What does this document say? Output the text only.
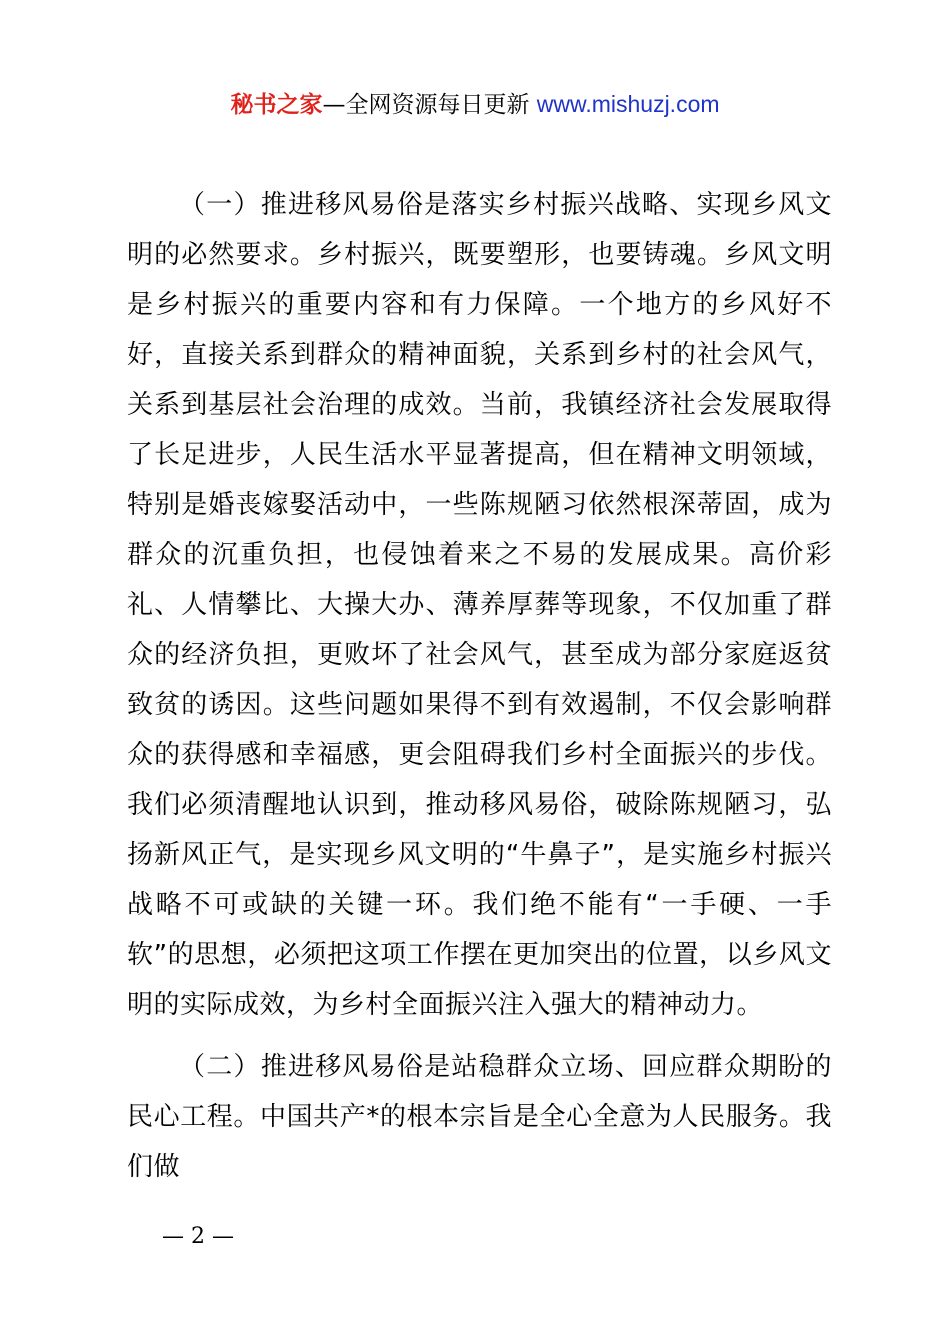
秘书之家—全网资源每日更新 www.mishuzj.com

（一）推进移风易俗是落实乡村振兴战略、实现乡风文明的必然要求。乡村振兴，既要塑形，也要铸魂。乡风文明是乡村振兴的重要内容和有力保障。一个地方的乡风好不好，直接关系到群众的精神面貌，关系到乡村的社会风气，关系到基层社会治理的成效。当前，我镇经济社会发展取得了长足进步，人民生活水平显著提高，但在精神文明领域，特别是婚丧嫁娶活动中，一些陈规陋习依然根深蒂固，成为群众的沉重负担，也侵蚀着来之不易的发展成果。高价彩礼、人情攀比、大操大办、薄养厚葬等现象，不仅加重了群众的经济负担，更败坏了社会风气，甚至成为部分家庭返贫致贫的诱因。这些问题如果得不到有效遏制，不仅会影响群众的获得感和幸福感，更会阻碍我们乡村全面振兴的步伐。我们必须清醒地认识到，推动移风易俗，破除陈规陋习，弘扬新风正气，是实现乡风文明的“牛鼻子”，是实施乡村振兴战略不可或缺的关键一环。我们绝不能有“一手硬、一手软”的思想，必须把这项工作摆在更加突出的位置，以乡风文明的实际成效，为乡村全面振兴注入强大的精神动力。

（二）推进移风易俗是站稳群众立场、回应群众期盼的民心工程。中国共产*的根本宗旨是全心全意为人民服务。我们做

— 2 —
